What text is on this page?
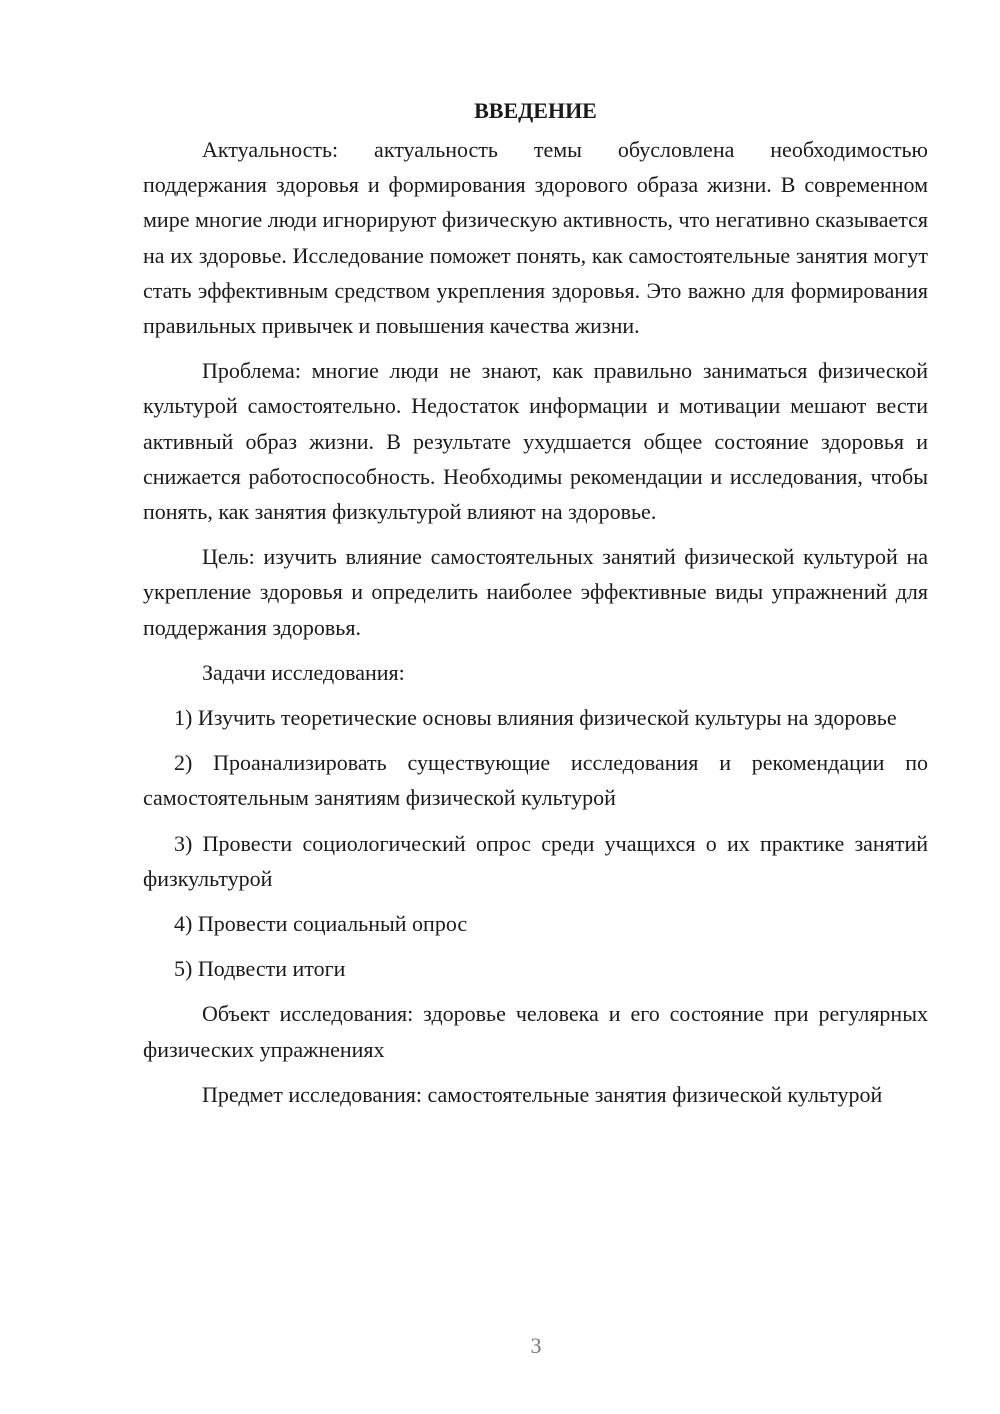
ВВЕДЕНИЕ

Актуальность: актуальность темы обусловлена необходимостью поддержания здоровья и формирования здорового образа жизни. В современном мире многие люди игнорируют физическую активность, что негативно сказывается на их здоровье. Исследование поможет понять, как самостоятельные занятия могут стать эффективным средством укрепления здоровья. Это важно для формирования правильных привычек и повышения качества жизни.

Проблема: многие люди не знают, как правильно заниматься физической культурой самостоятельно. Недостаток информации и мотивации мешают вести активный образ жизни. В результате ухудшается общее состояние здоровья и снижается работоспособность. Необходимы рекомендации и исследования, чтобы понять, как занятия физкультурой влияют на здоровье.

Цель: изучить влияние самостоятельных занятий физической культурой на укрепление здоровья и определить наиболее эффективные виды упражнений для поддержания здоровья.

Задачи исследования:

1) Изучить теоретические основы влияния физической культуры на здоровье

2) Проанализировать существующие исследования и рекомендации по самостоятельным занятиям физической культурой

3) Провести социологический опрос среди учащихся о их практике занятий физкультурой

4) Провести социальный опрос

5) Подвести итоги

Объект исследования: здоровье человека и его состояние при регулярных физических упражнениях

Предмет исследования: самостоятельные занятия физической культурой

3
